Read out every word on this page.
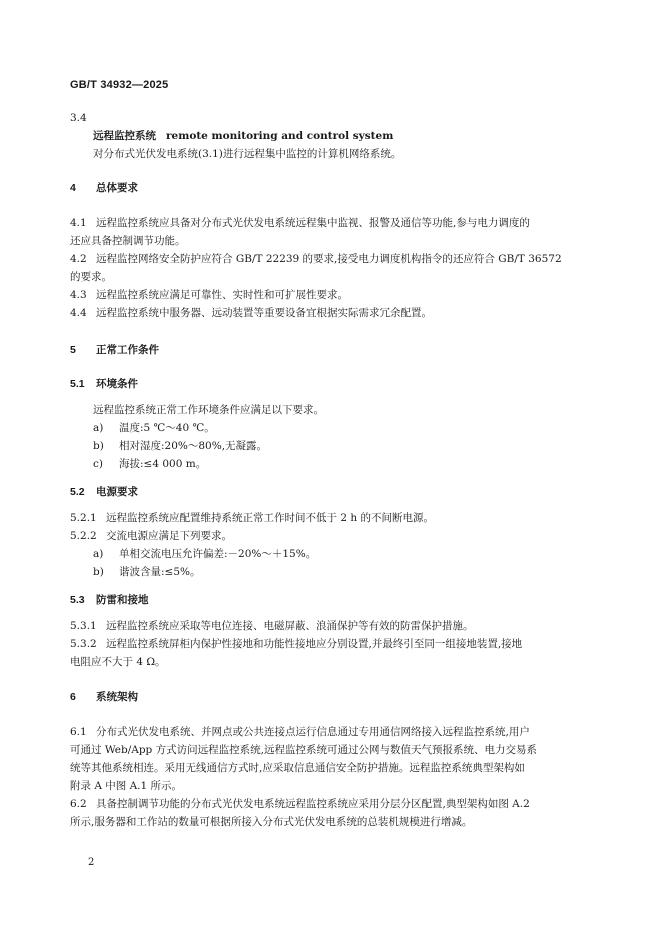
GB/T 34932—2025
3.4
远程监控系统 remote monitoring and control system
对分布式光伏发电系统(3.1)进行远程集中监控的计算机网络系统。
4 总体要求
4.1 远程监控系统应具备对分布式光伏发电系统远程集中监视、报警及通信等功能,参与电力调度的
还应具备控制调节功能。
4.2 远程监控网络安全防护应符合 GB/T 22239 的要求,接受电力调度机构指令的还应符合 GB/T 36572
的要求。
4.3 远程监控系统应满足可靠性、实时性和可扩展性要求。
4.4 远程监控系统中服务器、远动装置等重要设备宜根据实际需求冗余配置。
5 正常工作条件
5.1 环境条件
远程监控系统正常工作环境条件应满足以下要求。
a) 温度:5 ℃～40 ℃。
b) 相对湿度:20%～80%,无凝露。
c) 海拔:≤4 000 m。
5.2 电源要求
5.2.1 远程监控系统应配置维持系统正常工作时间不低于 2 h 的不间断电源。
5.2.2 交流电源应满足下列要求。
a) 单相交流电压允许偏差:－20%～＋15%。
b) 谐波含量:≤5%。
5.3 防雷和接地
5.3.1 远程监控系统应采取等电位连接、电磁屏蔽、浪涌保护等有效的防雷保护措施。
5.3.2 远程监控系统屏柜内保护性接地和功能性接地应分别设置,并最终引至同一组接地装置,接地
电阻应不大于 4 Ω。
6 系统架构
6.1 分布式光伏发电系统、并网点或公共连接点运行信息通过专用通信网络接入远程监控系统,用户
可通过 Web/App 方式访问远程监控系统,远程监控系统可通过公网与数值天气预报系统、电力交易系
统等其他系统相连。采用无线通信方式时,应采取信息通信安全防护措施。远程监控系统典型架构如
附录 A 中图 A.1 所示。
6.2 具备控制调节功能的分布式光伏发电系统远程监控系统应采用分层分区配置,典型架构如图 A.2
所示,服务器和工作站的数量可根据所接入分布式光伏发电系统的总装机规模进行增减。
2
